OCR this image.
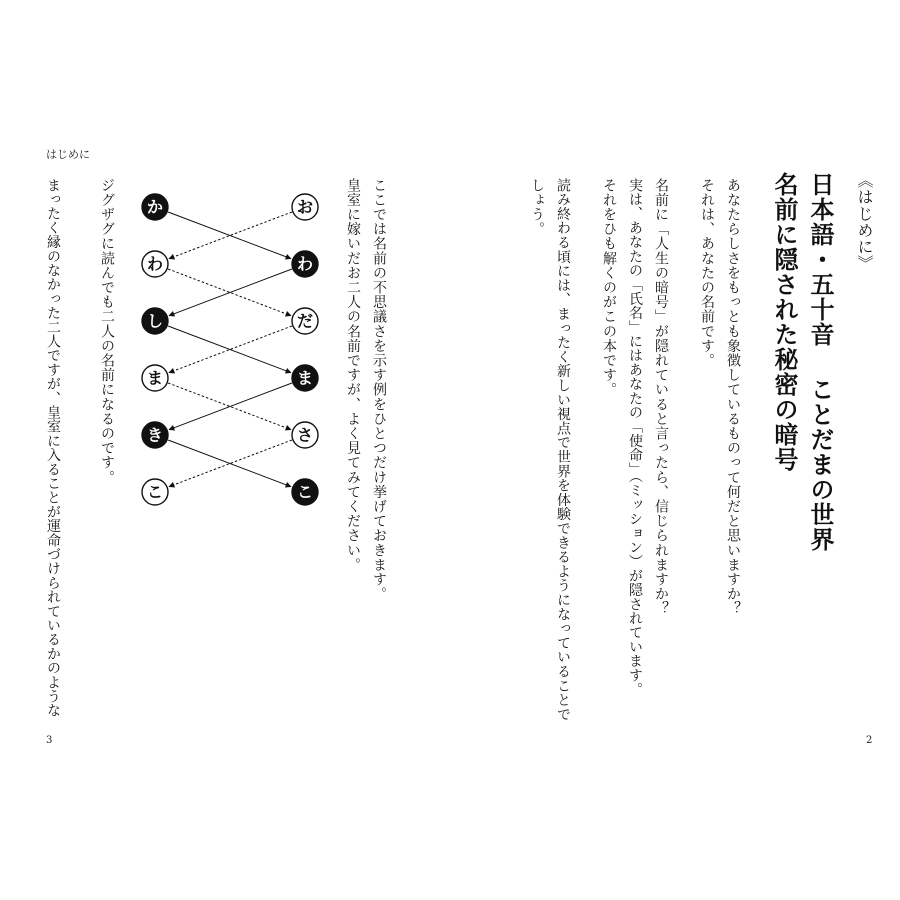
はじめに
ここでは名前の不思議さを示す例をひとつだけ挙げておきます。
皇室に嫁いだお二人の名前ですが、よく見てみてください。
か
わ
し
ま
き
こ
お
わ
だ
ま
さ
こ
ジグザグに読んでも二人の名前になるのです。
まったく縁のなかった二人ですが、皇室に入ることが運命づけられているかのような
3
《はじめに》
日本語・五十音 ことだまの世界
名前に隠された秘密の暗号
あなたらしさをもっとも象徴しているものって何だと思いますか？
それは、あなたの名前です。
名前に「人生の暗号」が隠れていると言ったら、信じられますか？
実は、あなたの「氏名」にはあなたの「使命」（ミッション）が隠されています。
それをひも解くのがこの本です。
読み終わる頃には、まったく新しい視点で世界を体験できるようになっていることで
しょう。
2
